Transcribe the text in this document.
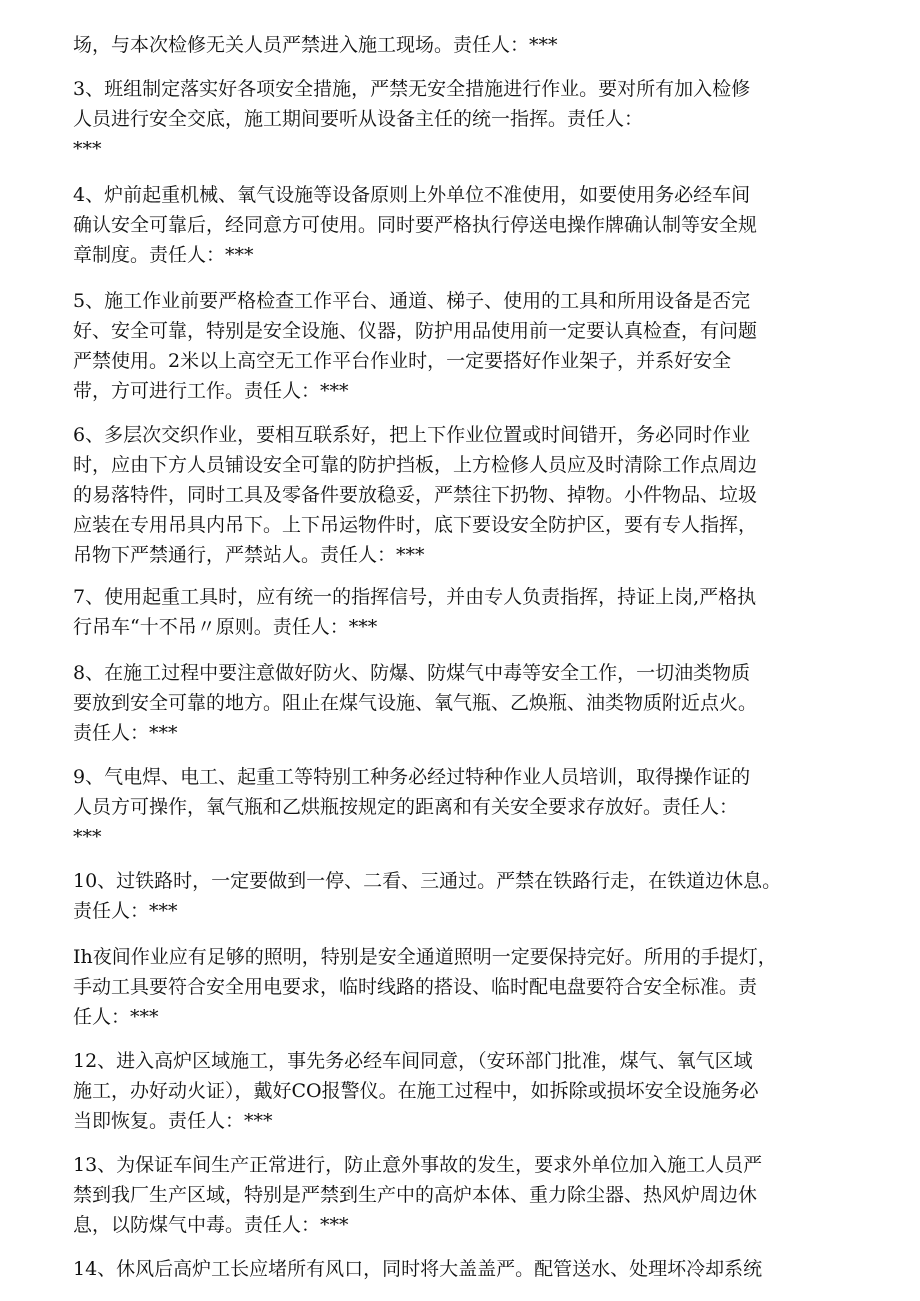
场，与本次检修无关人员严禁进入施工现场。责任人：***

3、班组制定落实好各项安全措施，严禁无安全措施进行作业。要对所有加入检修
人员进行安全交底，施工期间要听从设备主任的统一指挥。责任人：
***

4、炉前起重机械、氧气设施等设备原则上外单位不准使用，如要使用务必经车间
确认安全可靠后，经同意方可使用。同时要严格执行停送电操作牌确认制等安全规
章制度。责任人：***

5、施工作业前要严格检查工作平台、通道、梯子、使用的工具和所用设备是否完
好、安全可靠，特别是安全设施、仪器，防护用品使用前一定要认真检查，有问题
严禁使用。2米以上高空无工作平台作业时，一定要搭好作业架子，并系好安全
带，方可进行工作。责任人：***

6、多层次交织作业，要相互联系好，把上下作业位置或时间错开，务必同时作业
时，应由下方人员铺设安全可靠的防护挡板，上方检修人员应及时清除工作点周边
的易落特件，同时工具及零备件要放稳妥，严禁往下扔物、掉物。小件物品、垃圾
应装在专用吊具内吊下。上下吊运物件时，底下要设安全防护区，要有专人指挥，
吊物下严禁通行，严禁站人。责任人：***

7、使用起重工具时，应有统一的指挥信号，并由专人负责指挥，持证上岗,严格执
行吊车“十不吊〃原则。责任人：***

8、在施工过程中要注意做好防火、防爆、防煤气中毒等安全工作，一切油类物质
要放到安全可靠的地方。阻止在煤气设施、氧气瓶、乙焕瓶、油类物质附近点火。
责任人：***

9、气电焊、电工、起重工等特别工种务必经过特种作业人员培训，取得操作证的
人员方可操作，氧气瓶和乙烘瓶按规定的距离和有关安全要求存放好。责任人：
***

10、过铁路时，一定要做到一停、二看、三通过。严禁在铁路行走，在铁道边休息。
责任人：***

Ih夜间作业应有足够的照明，特别是安全通道照明一定要保持完好。所用的手提灯，
手动工具要符合安全用电要求，临时线路的搭设、临时配电盘要符合安全标准。责
任人：***

12、进入高炉区域施工，事先务必经车间同意，（安环部门批准，煤气、氧气区域
施工，办好动火证），戴好CO报警仪。在施工过程中，如拆除或损坏安全设施务必
当即恢复。责任人：***

13、为保证车间生产正常进行，防止意外事故的发生，要求外单位加入施工人员严
禁到我厂生产区域，特别是严禁到生产中的高炉本体、重力除尘器、热风炉周边休
息，以防煤气中毒。责任人：***

14、休风后高炉工长应堵所有风口，同时将大盖盖严。配管送水、处理坏冷却系统
